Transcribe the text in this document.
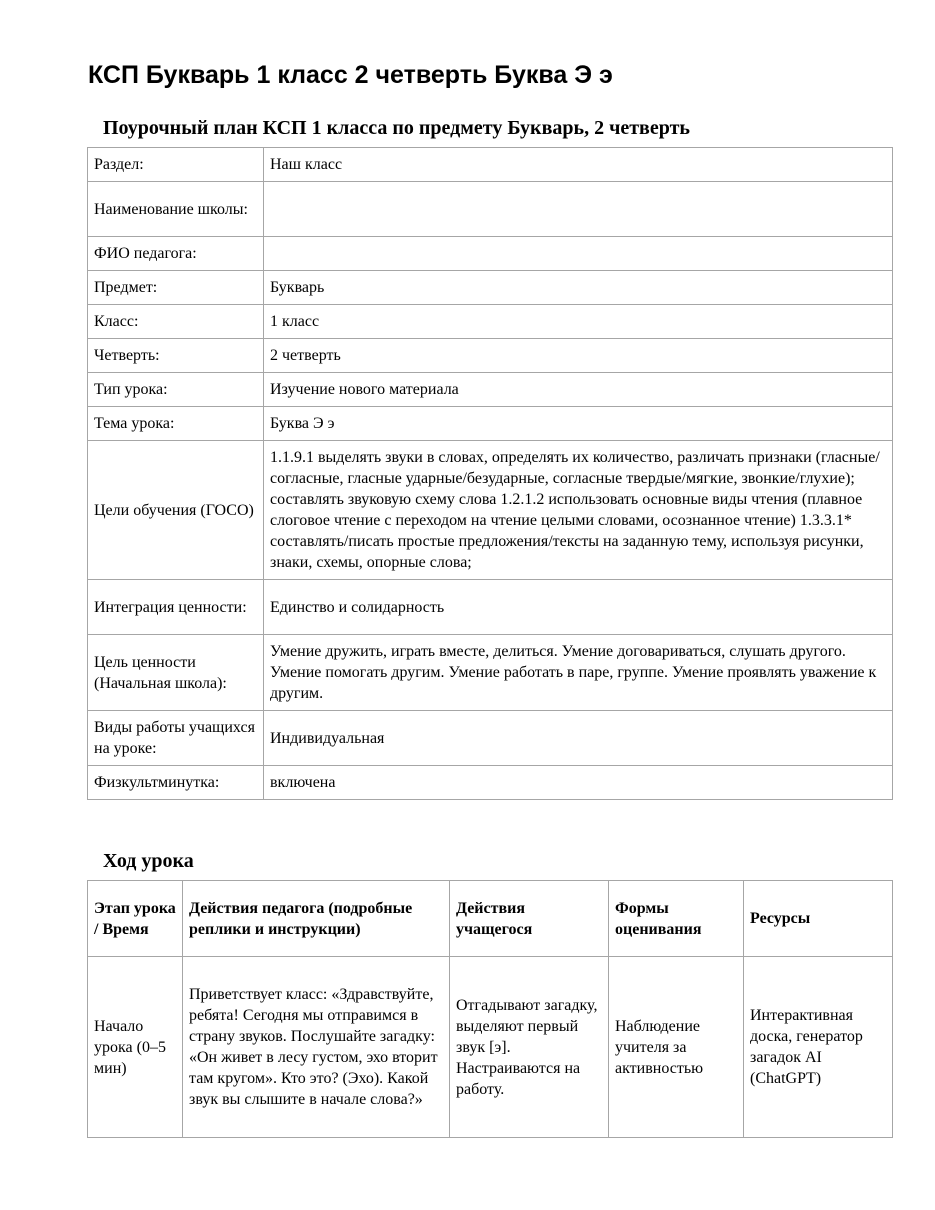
КСП Букварь 1 класс 2 четверть Буква Э э
Поурочный план КСП 1 класса по предмету Букварь, 2 четверть
Раздел:	Наш класс
Наименование школы:	
ФИО педагога:	
Предмет:	Букварь
Класс:	1 класс
Четверть:	2 четверть
Тип урока:	Изучение нового материала
Тема урока:	Буква Э э
Цели обучения (ГОСО)	1.1.9.1 выделять звуки в словах, определять их количество, различать признаки (гласные/ согласные, гласные ударные/безударные, согласные твердые/мягкие, звонкие/глухие); составлять звуковую схему слова 1.2.1.2 использовать основные виды чтения (плавное слоговое чтение с переходом на чтение целыми словами, осознанное чтение) 1.3.3.1* составлять/писать простые предложения/тексты на заданную тему, используя рисунки, знаки, схемы, опорные слова;
Интеграция ценности:	Единство и солидарность
Цель ценности (Начальная школа):	Умение дружить, играть вместе, делиться. Умение договариваться, слушать другого. Умение помогать другим. Умение работать в паре, группе. Умение проявлять уважение к другим.
Виды работы учащихся на уроке:	Индивидуальная
Физкультминутка:	включена
Ход урока
Этап урока / Время	Действия педагога (подробные реплики и инструкции)	Действия учащегося	Формы оценивания	Ресурсы
Начало урока (0–5 мин)	Приветствует класс: «Здравствуйте, ребята! Сегодня мы отправимся в страну звуков. Послушайте загадку: «Он живет в лесу густом, эхо вторит там кругом». Кто это? (Эхо). Какой звук вы слышите в начале слова?»	Отгадывают загадку, выделяют первый звук [э]. Настраиваются на работу.	Наблюдение учителя за активностью	Интерактивная доска, генератор загадок AI (ChatGPT)
